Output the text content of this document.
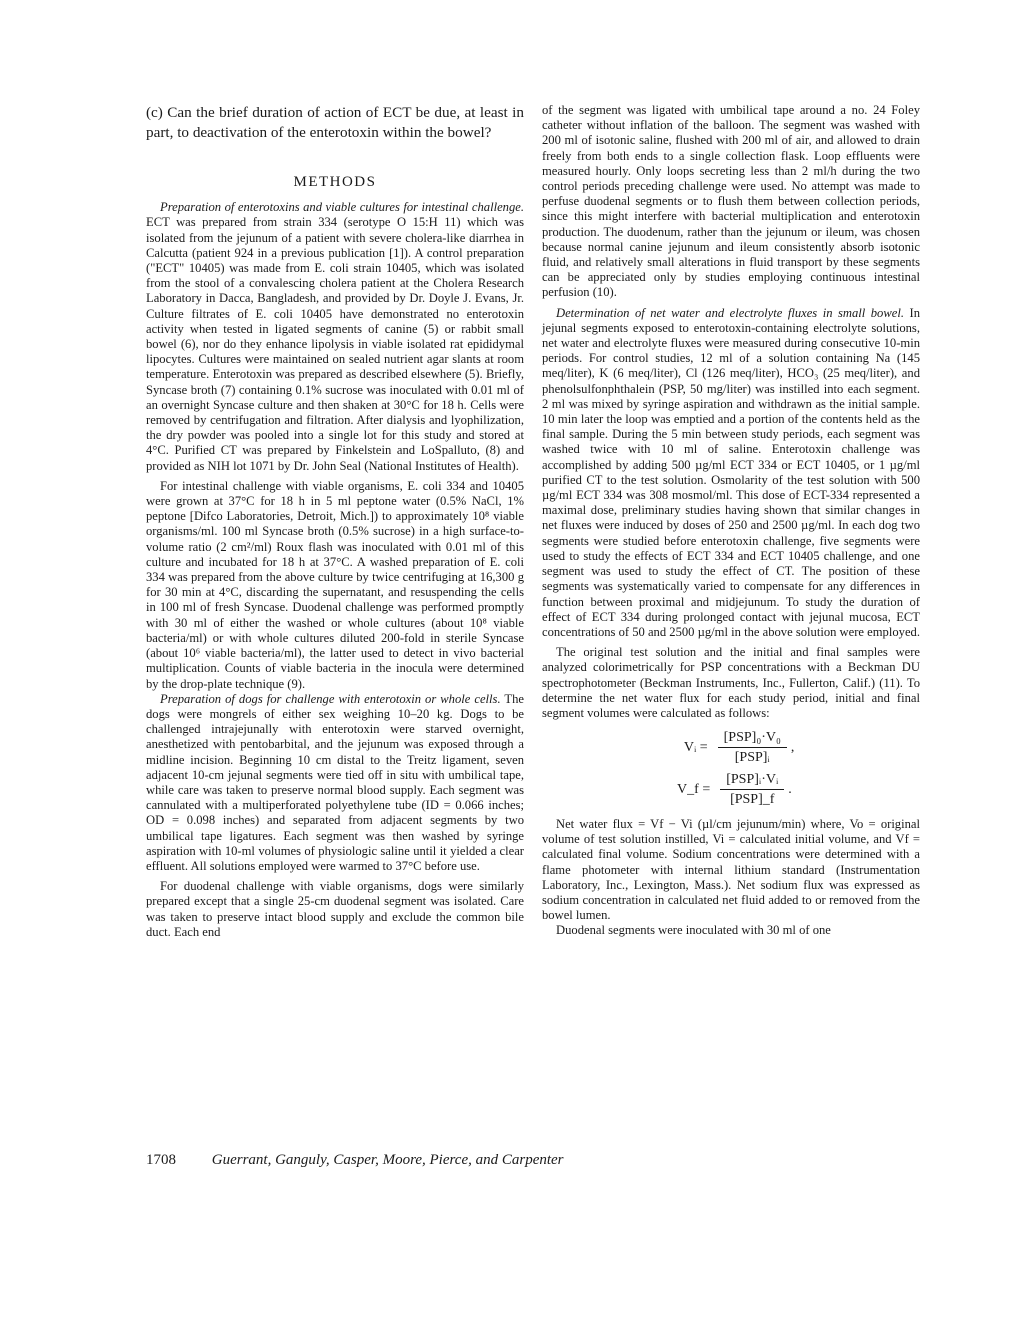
(c) Can the brief duration of action of ECT be due, at least in part, to deactivation of the enterotoxin within the bowel?

METHODS

Preparation of enterotoxins and viable cultures for intestinal challenge. ECT was prepared from strain 334 (serotype O 15:H 11) which was isolated from the jejunum of a patient with severe cholera-like diarrhea in Calcutta (patient 924 in a previous publication [1]). A control preparation ("ECT" 10405) was made from E. coli strain 10405, which was isolated from the stool of a convalescing cholera patient at the Cholera Research Laboratory in Dacca, Bangladesh, and provided by Dr. Doyle J. Evans, Jr. Culture filtrates of E. coli 10405 have demonstrated no enterotoxin activity when tested in ligated segments of canine (5) or rabbit small bowel (6), nor do they enhance lipolysis in viable isolated rat epididymal lipocytes. Cultures were maintained on sealed nutrient agar slants at room temperature. Enterotoxin was prepared as described elsewhere (5). Briefly, Syncase broth (7) containing 0.1% sucrose was inoculated with 0.01 ml of an overnight Syncase culture and then shaken at 30°C for 18 h. Cells were removed by centrifugation and filtration. After dialysis and lyophilization, the dry powder was pooled into a single lot for this study and stored at 4°C. Purified CT was prepared by Finkelstein and LoSpalluto, (8) and provided as NIH lot 1071 by Dr. John Seal (National Institutes of Health).

For intestinal challenge with viable organisms, E. coli 334 and 10405 were grown at 37°C for 18 h in 5 ml peptone water (0.5% NaCl, 1% peptone [Difco Laboratories, Detroit, Mich.]) to approximately 10⁸ viable organisms/ml. 100 ml Syncase broth (0.5% sucrose) in a high surface-to-volume ratio (2 cm²/ml) Roux flash was inoculated with 0.01 ml of this culture and incubated for 18 h at 37°C. A washed preparation of E. coli 334 was prepared from the above culture by twice centrifuging at 16,300 g for 30 min at 4°C, discarding the supernatant, and resuspending the cells in 100 ml of fresh Syncase. Duodenal challenge was performed promptly with 30 ml of either the washed or whole cultures (about 10⁸ viable bacteria/ml) or with whole cultures diluted 200-fold in sterile Syncase (about 10⁶ viable bacteria/ml), the latter used to detect in vivo bacterial multiplication. Counts of viable bacteria in the inocula were determined by the drop-plate technique (9).

Preparation of dogs for challenge with enterotoxin or whole cells. The dogs were mongrels of either sex weighing 10–20 kg. Dogs to be challenged intrajejunally with enterotoxin were starved overnight, anesthetized with pentobarbital, and the jejunum was exposed through a midline incision. Beginning 10 cm distal to the Treitz ligament, seven adjacent 10-cm jejunal segments were tied off in situ with umbilical tape, while care was taken to preserve normal blood supply. Each segment was cannulated with a multiperforated polyethylene tube (ID = 0.066 inches; OD = 0.098 inches) and separated from adjacent segments by two umbilical tape ligatures. Each segment was then washed by syringe aspiration with 10-ml volumes of physiologic saline until it yielded a clear effluent. All solutions employed were warmed to 37°C before use.

For duodenal challenge with viable organisms, dogs were similarly prepared except that a single 25-cm duodenal segment was isolated. Care was taken to preserve intact blood supply and exclude the common bile duct. Each end

of the segment was ligated with umbilical tape around a no. 24 Foley catheter without inflation of the balloon. The segment was washed with 200 ml of isotonic saline, flushed with 200 ml of air, and allowed to drain freely from both ends to a single collection flask. Loop effluents were measured hourly. Only loops secreting less than 2 ml/h during the two control periods preceding challenge were used. No attempt was made to perfuse duodenal segments or to flush them between collection periods, since this might interfere with bacterial multiplication and enterotoxin production. The duodenum, rather than the jejunum or ileum, was chosen because normal canine jejunum and ileum consistently absorb isotonic fluid, and relatively small alterations in fluid transport by these segments can be appreciated only by studies employing continuous intestinal perfusion (10).

Determination of net water and electrolyte fluxes in small bowel. In jejunal segments exposed to enterotoxin-containing electrolyte solutions, net water and electrolyte fluxes were measured during consecutive 10-min periods. For control studies, 12 ml of a solution containing Na (145 meq/liter), K (6 meq/liter), Cl (126 meq/liter), HCO₃ (25 meq/liter), and phenolsulfonphthalein (PSP, 50 mg/liter) was instilled into each segment. 2 ml was mixed by syringe aspiration and withdrawn as the initial sample. 10 min later the loop was emptied and a portion of the contents held as the final sample. During the 5 min between study periods, each segment was washed twice with 10 ml of saline. Enterotoxin challenge was accomplished by adding 500 µg/ml ECT 334 or ECT 10405, or 1 µg/ml purified CT to the test solution. Osmolarity of the test solution with 500 µg/ml ECT 334 was 308 mosmol/ml. This dose of ECT-334 represented a maximal dose, preliminary studies having shown that similar changes in net fluxes were induced by doses of 250 and 2500 µg/ml. In each dog two segments were studied before enterotoxin challenge, five segments were used to study the effects of ECT 334 and ECT 10405 challenge, and one segment was used to study the effect of CT. The position of these segments was systematically varied to compensate for any differences in function between proximal and midjejunum. To study the duration of effect of ECT 334 during prolonged contact with jejunal mucosa, ECT concentrations of 50 and 2500 µg/ml in the above solution were employed.

The original test solution and the initial and final samples were analyzed colorimetrically for PSP concentrations with a Beckman DU spectrophotometer (Beckman Instruments, Inc., Fullerton, Calif.) (11). To determine the net water flux for each study period, initial and final segment volumes were calculated as follows:

Vᵢ = $\frac{\text{[PSP]₀·V₀}}{\text{[PSP]ᵢ}}$ ,
V_f = $\frac{\text{[PSP]ᵢ·Vᵢ}}{\text{[PSP]\_f}}$ .

Net water flux = Vf − Vi (µl/cm jejunum/min) where, Vo = original volume of test solution instilled, Vi = calculated initial volume, and Vf = calculated final volume. Sodium concentrations were determined with a flame photometer with internal lithium standard (Instrumentation Laboratory, Inc., Lexington, Mass.). Net sodium flux was expressed as sodium concentration in calculated net fluid added to or removed from the bowel lumen.

Duodenal segments were inoculated with 30 ml of one

1708 Guerrant, Ganguly, Casper, Moore, Pierce, and Carpenter
